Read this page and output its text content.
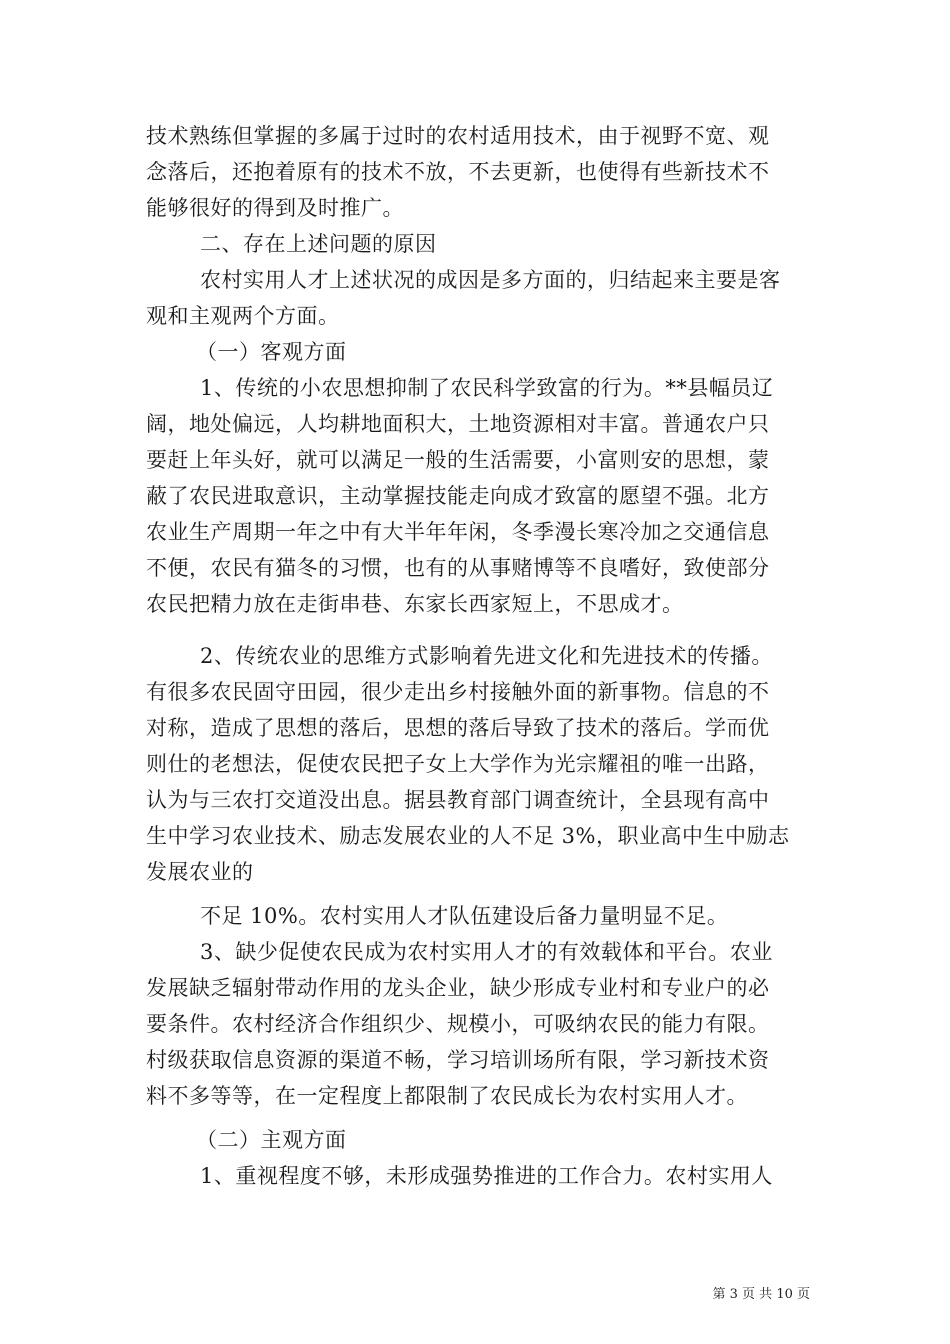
技术熟练但掌握的多属于过时的农村适用技术，由于视野不宽、观
念落后，还抱着原有的技术不放，不去更新，也使得有些新技术不
能够很好的得到及时推广。
二、存在上述问题的原因
农村实用人才上述状况的成因是多方面的，归结起来主要是客
观和主观两个方面。
（一）客观方面
1、传统的小农思想抑制了农民科学致富的行为。**县幅员辽
阔，地处偏远，人均耕地面积大，土地资源相对丰富。普通农户只
要赶上年头好，就可以满足一般的生活需要，小富则安的思想，蒙
蔽了农民进取意识，主动掌握技能走向成才致富的愿望不强。北方
农业生产周期一年之中有大半年年闲，冬季漫长寒冷加之交通信息
不便，农民有猫冬的习惯，也有的从事赌博等不良嗜好，致使部分
农民把精力放在走街串巷、东家长西家短上，不思成才。
2、传统农业的思维方式影响着先进文化和先进技术的传播。
有很多农民固守田园，很少走出乡村接触外面的新事物。信息的不
对称，造成了思想的落后，思想的落后导致了技术的落后。学而优
则仕的老想法，促使农民把子女上大学作为光宗耀祖的唯一出路，
认为与三农打交道没出息。据县教育部门调查统计，全县现有高中
生中学习农业技术、励志发展农业的人不足 3%，职业高中生中励志
发展农业的
不足 10%。农村实用人才队伍建设后备力量明显不足。
3、缺少促使农民成为农村实用人才的有效载体和平台。农业
发展缺乏辐射带动作用的龙头企业，缺少形成专业村和专业户的必
要条件。农村经济合作组织少、规模小，可吸纳农民的能力有限。
村级获取信息资源的渠道不畅，学习培训场所有限，学习新技术资
料不多等等，在一定程度上都限制了农民成长为农村实用人才。
（二）主观方面
1、重视程度不够，未形成强势推进的工作合力。农村实用人
第 3 页 共 10 页
